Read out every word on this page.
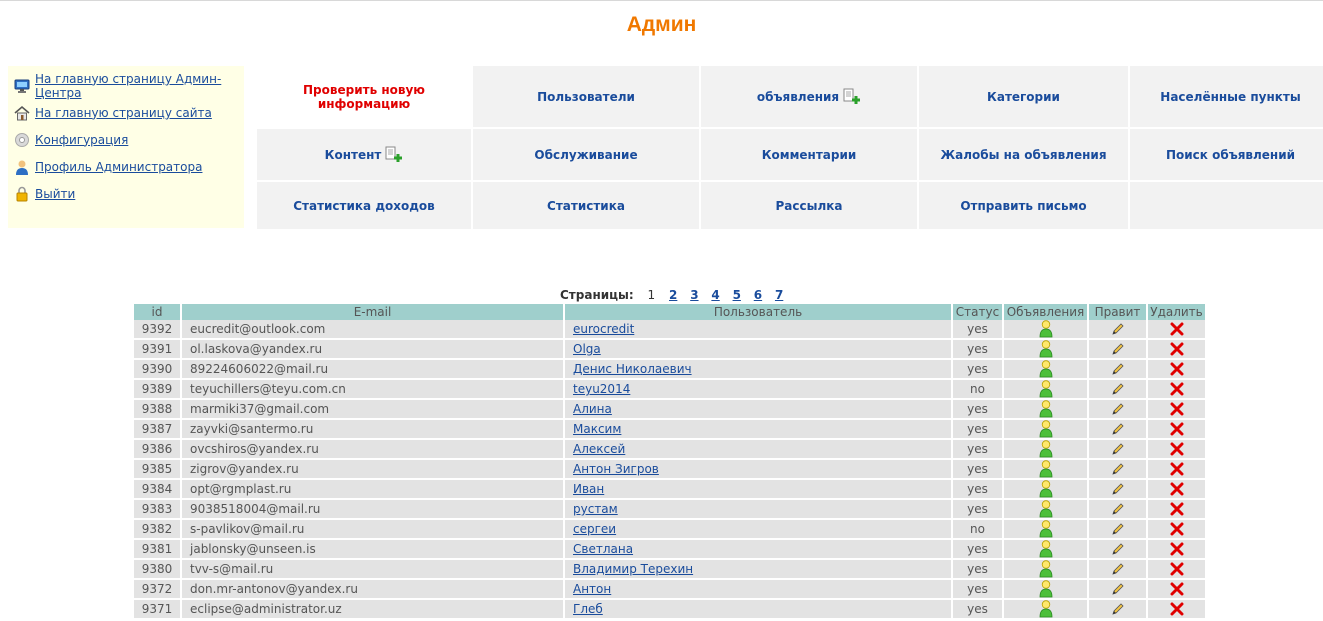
Админ
На главную страницу Админ-Центра
На главную страницу сайта
Конфигурация
Профиль Администратора
Выйти
Проверить новую информацию	Пользователи	объявления	Категории	Населённые пункты
Контент	Обслуживание	Комментарии	Жалобы на объявления	Поиск объявлений
Статистика доходов	Статистика	Рассылка	Отправить письмо
Страницы: 1 2 3 4 5 6 7
id	E-mail	Пользователь	Статус	Объявления	Правит	Удалить
9392	eucredit@outlook.com	eurocredit	yes			
9391	ol.laskova@yandex.ru	Olga	yes			
9390	89224606022@mail.ru	Денис Николаевич	yes			
9389	teyuchillers@teyu.com.cn	teyu2014	no			
9388	marmiki37@gmail.com	Алина	yes			
9387	zayvki@santermo.ru	Максим	yes			
9386	ovcshiros@yandex.ru	Алексей	yes			
9385	zigrov@yandex.ru	Антон Зигров	yes			
9384	opt@rgmplast.ru	Иван	yes			
9383	9038518004@mail.ru	рустам	yes			
9382	s-pavlikov@mail.ru	сергеи	no			
9381	jablonsky@unseen.is	Светлана	yes			
9380	tvv-s@mail.ru	Владимир Терехин	yes			
9372	don.mr-antonov@yandex.ru	Антон	yes			
9371	eclipse@administrator.uz	Глеб	yes			
